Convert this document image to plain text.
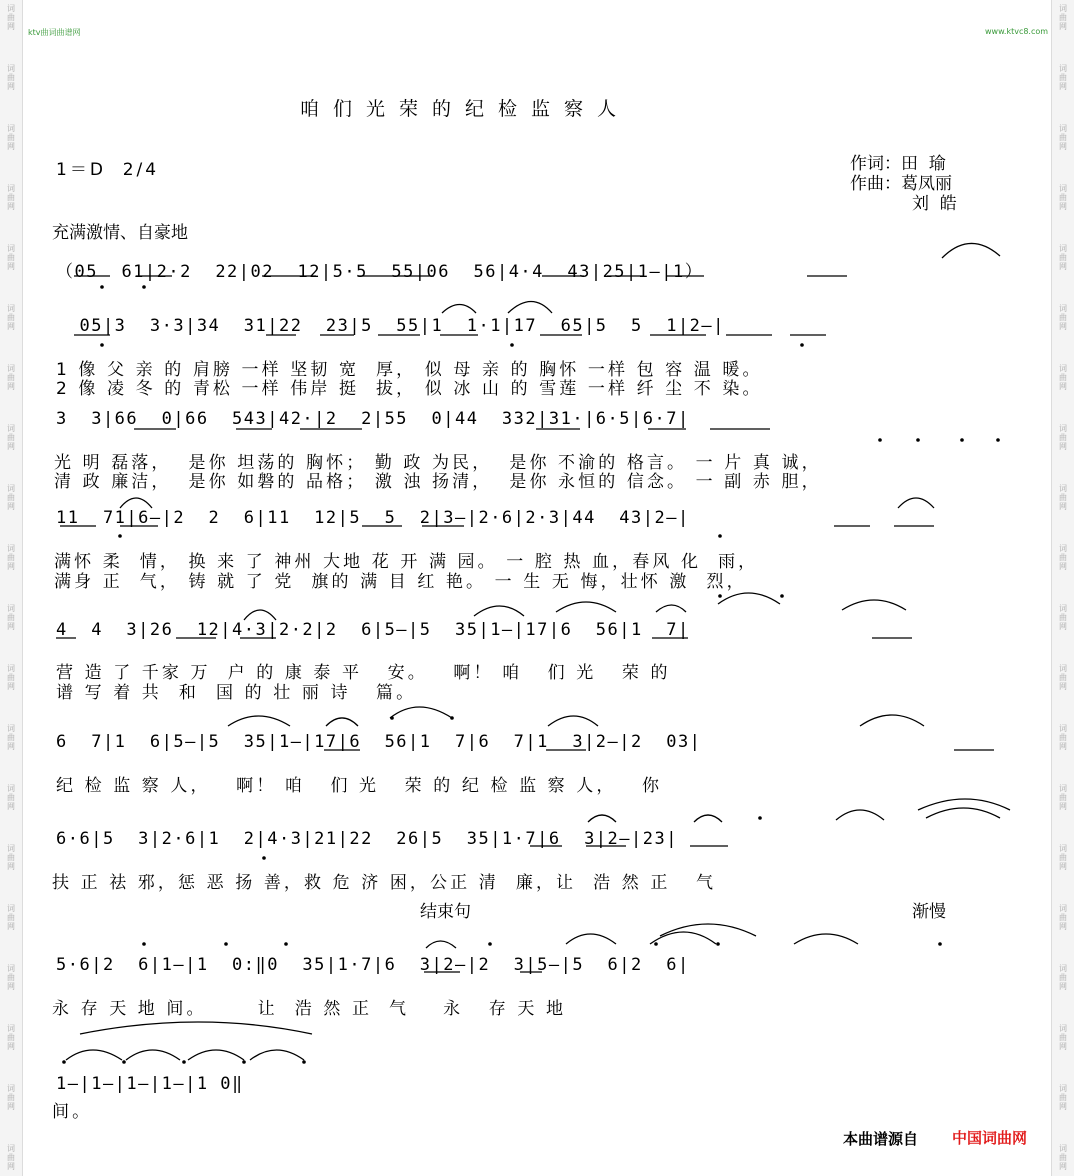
词
曲
网
词
曲
网
词
曲
网
词
曲
网
词
曲
网
词
曲
网
词
曲
网
词
曲
网
词
曲
网
词
曲
网
词
曲
网
词
曲
网
词
曲
网
词
曲
网
词
曲
网
词
曲
网
词
曲
网
词
曲
网
词
曲
网
词
曲
网
词
曲
网
词
曲
网
词
曲
网
词
曲
网
词
曲
网
词
曲
网
词
曲
网
词
曲
网
词
曲
网
词
曲
网
词
曲
网
词
曲
网
词
曲
网
词
曲
网
词
曲
网
词
曲
网
词
曲
网
词
曲
网
词
曲
网
词
曲
网
ktv曲词曲谱网	www.ktvc8.com
咱们光荣的纪检监察人
1＝D  2/4	作词：田  瑜
作曲：葛凤丽
刘  皓
充满激情、自豪地
（05  61|2·2  22|02  12|5·5  55|06  56|4·4  43|25|1—|1）
05|3  3·3|34  31|22  23|5  55|1  1·1|17  65|5  5  1|2—|
1 像 父 亲 的 肩膀 一样 坚韧 宽  厚， 似 母 亲 的 胸怀 一样 包 容 温 暖。
2 像 凌 冬 的 青松 一样 伟岸 挺  拔， 似 冰 山 的 雪莲 一样 纤 尘 不 染。
3  3|66  0|66  543|42·|2  2|55  0|44  332|31·|6·5|6·7|
光 明 磊落，  是你 坦荡的 胸怀； 勤 政 为民，  是你 不渝的 格言。 一 片 真 诚，
清 政 廉洁，  是你 如磐的 品格； 激 浊 扬清，  是你 永恒的 信念。 一 副 赤 胆，
11  71|6—|2  2  6|11  12|5  5  2|3—|2·6|2·3|44  43|2—|
满怀 柔  情， 换 来 了 神州 大地 花 开 满 园。 一 腔 热 血，春风 化  雨，
满身 正  气， 铸 就 了 党  旗的 满 目 红 艳。 一 生 无 悔，壮怀 激  烈，
4  4  3|26  12|4·3|2·2|2  6|5—|5  35|1—|17|6  56|1  7|
营 造 了 千家 万  户 的 康 泰 平   安。   啊！ 咱   们 光   荣 的
谱 写 着 共  和  国 的 壮 丽 诗   篇。
6  7|1  6|5—|5  35|1—|17|6  56|1  7|6  7|1  3|2—|2  03|
纪 检 监 察 人，   啊！ 咱   们 光   荣 的 纪 检 监 察 人，   你
6·6|5  3|2·6|1  2|4·3|21|22  26|5  35|1·7|6  3|2—|23|
扶 正 祛 邪，惩 恶 扬 善，救 危 济 困，公正 清  廉，让  浩 然 正   气
结束句	渐慢
5·6|2  6|1—|1  0:‖0  35|1·7|6  3|2—|2  3|5—|5  6|2  6|
永 存 天 地 间。      让  浩 然 正  气    永   存 天 地
1—|1—|1—|1—|1 0‖
间。
本曲谱源自 中国词曲网
